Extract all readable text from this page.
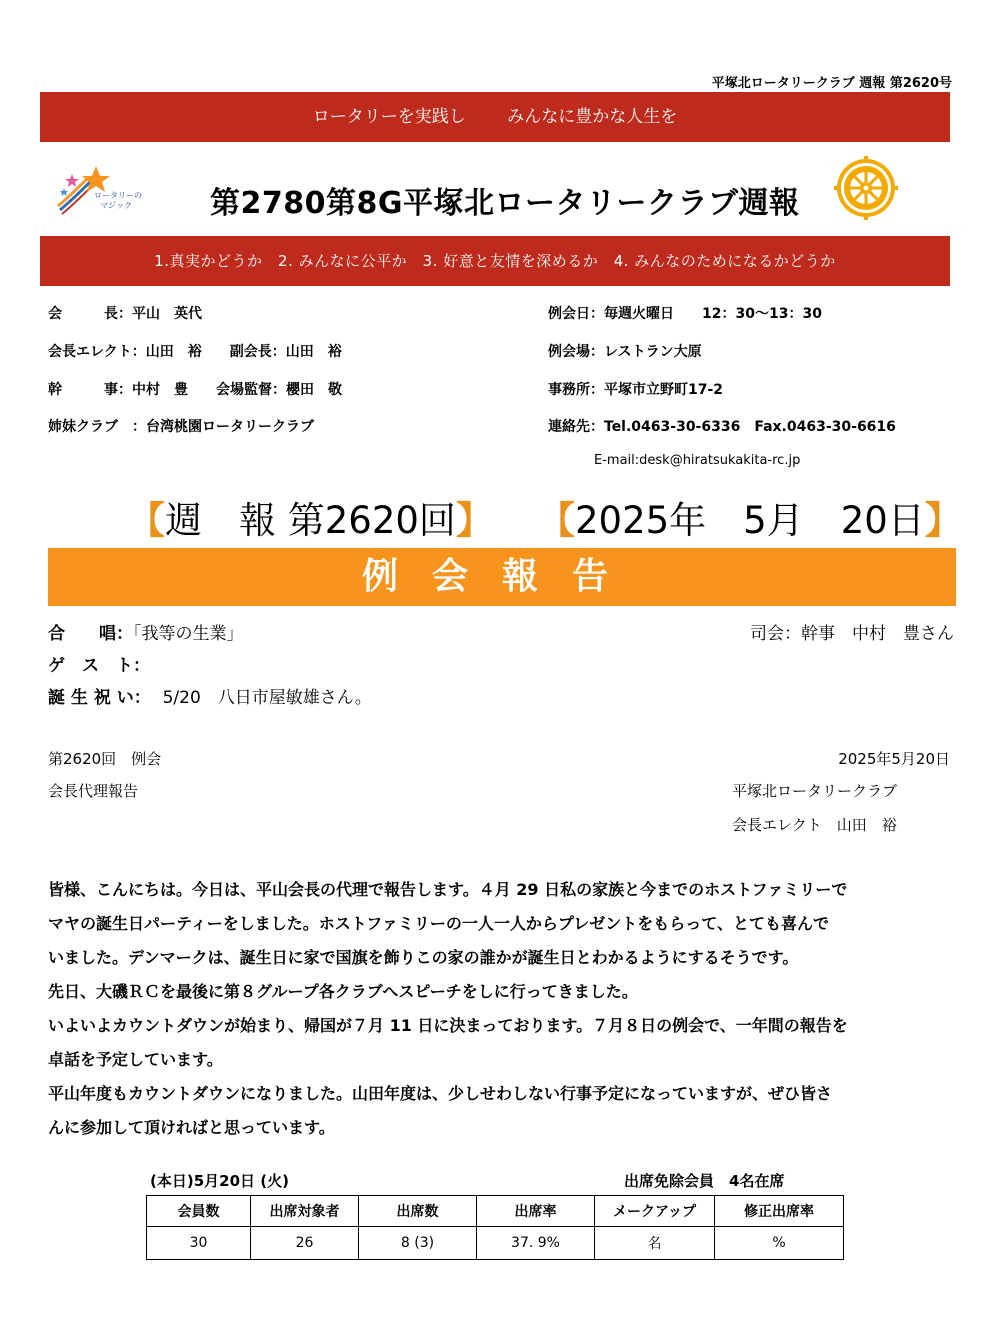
平塚北ロータリークラブ 週報 第2620号
ロータリーを実践し みんなに豊かな人生を
ロータリーの
マジック	第2780第8G平塚北ロータリークラブ週報
1.真実かどうか　2. みんなに公平か　3. 好意と友情を深めるか　4. みんなのためになるかどうか
会　　　長：平山　英代
会長エレクト：山田　裕　　副会長：山田　裕
幹　　　事：中村　豊　　会場監督：櫻田　敬
姉妹クラブ　：台湾桃園ロータリークラブ
例会日：毎週火曜日　　12：30～13：30
例会場：レストラン大原
事務所：平塚市立野町17-2
連絡先：Tel.0463-30-6336　Fax.0463-30-6616
E-mail:desk@hiratsukakita-rc.jp
【週　報 第2620回】 【2025年　5月　20日】
例会報告
合　　唱：「我等の生業」	司会：幹事　中村　豊さん
ゲ　ス　ト：
誕 生 祝 い： 5/20　八日市屋敏雄さん。
第2620回　例会	2025年5月20日
会長代理報告	平塚北ロータリークラブ
会長エレクト　山田　裕

皆様、こんにちは。今日は、平山会長の代理で報告します。４月 29 日私の家族と今までのホストファミリーで

マヤの誕生日パーティーをしました。ホストファミリーの一人一人からプレゼントをもらって、とても喜んで

いました。デンマークは、誕生日に家で国旗を飾りこの家の誰かが誕生日とわかるようにするそうです。

先日、大磯ＲＣを最後に第８グループ各クラブへスピーチをしに行ってきました。

いよいよカウントダウンが始まり、帰国が７月 11 日に決まっております。７月８日の例会で、一年間の報告を

卓話を予定しています。

平山年度もカウントダウンになりました。山田年度は、少しせわしない行事予定になっていますが、ぜひ皆さ

んに参加して頂ければと思っています。

(本日)5月20日 (火)	出席免除会員　4名在席
会員数	出席対象者	出席数	出席率	メークアップ	修正出席率
30	26	8 (3)	37. 9%	名	%
